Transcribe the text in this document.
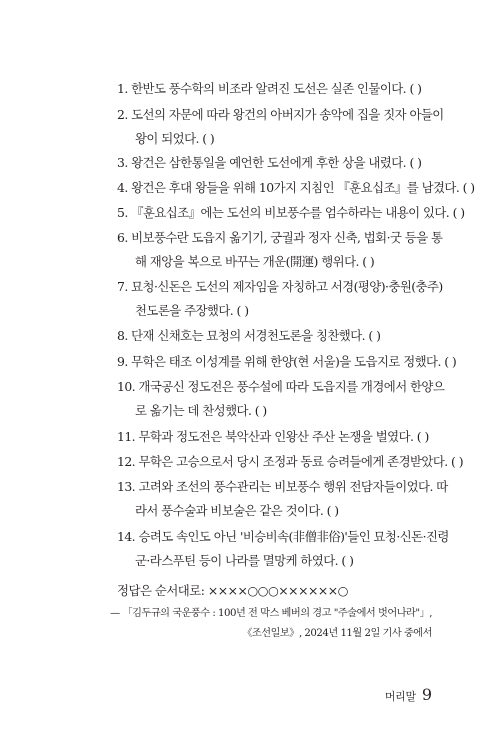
1. 한반도 풍수학의 비조라 알려진 도선은 실존 인물이다. ( )
2. 도선의 자문에 따라 왕건의 아버지가 송악에 집을 짓자 아들이
왕이 되었다. ( )
3. 왕건은 삼한통일을 예언한 도선에게 후한 상을 내렸다. ( )
4. 왕건은 후대 왕들을 위해 10가지 지침인 『훈요십조』를 남겼다. ( )
5. 『훈요십조』에는 도선의 비보풍수를 엄수하라는 내용이 있다. ( )
6. 비보풍수란 도읍지 옮기기, 궁궐과 정자 신축, 법회·굿 등을 통
해 재앙을 복으로 바꾸는 개운(開運) 행위다. ( )
7. 묘청·신돈은 도선의 제자임을 자칭하고 서경(평양)·충원(충주)
천도론을 주장했다. ( )
8. 단재 신채호는 묘청의 서경천도론을 칭찬했다. ( )
9. 무학은 태조 이성계를 위해 한양(현 서울)을 도읍지로 정했다. ( )
10. 개국공신 정도전은 풍수설에 따라 도읍지를 개경에서 한양으
로 옮기는 데 찬성했다. ( )
11. 무학과 정도전은 북악산과 인왕산 주산 논쟁을 벌였다. ( )
12. 무학은 고승으로서 당시 조정과 동료 승려들에게 존경받았다. ( )
13. 고려와 조선의 풍수관리는 비보풍수 행위 전담자들이었다. 따
라서 풍수술과 비보술은 같은 것이다. ( )
14. 승려도 속인도 아닌 '비승비속(非僧非俗)'들인 묘청·신돈·진령
군·라스푸틴 등이 나라를 멸망케 하였다. ( )
정답은 순서대로: ××××○○○××××××○
— 「김두규의 국운풍수 : 100년 전 막스 베버의 경고 "주술에서 벗어나라"」,
《조선일보》, 2024년 11월 2일 기사 중에서
머리말 9
